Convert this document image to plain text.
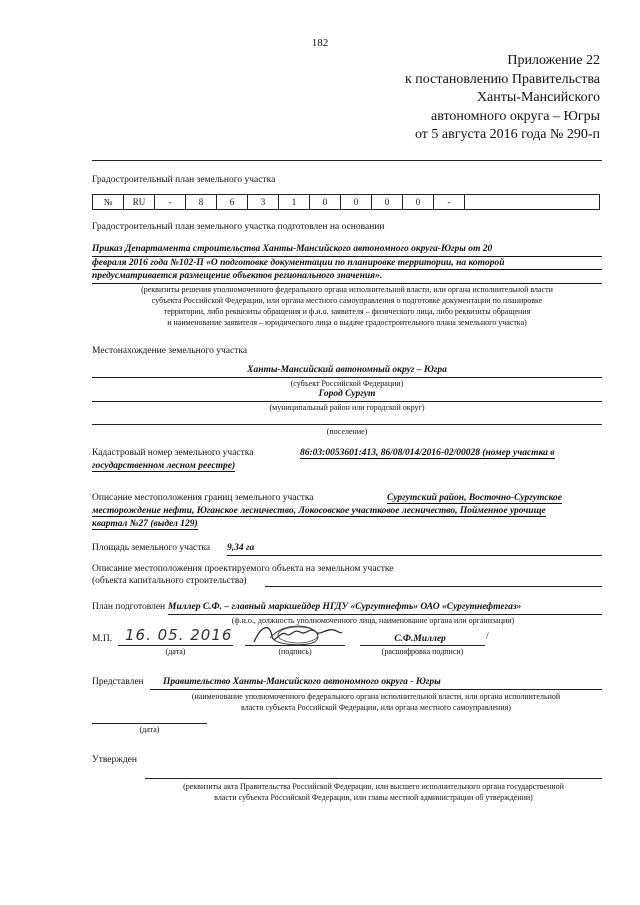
182
Приложение 22
к постановлению Правительства
Ханты-Мансийского
автономного округа – Югры
от 5 августа 2016 года № 290-п
Градостроительный план земельного участка
№	RU	-	8	6	3	1	0	0	0	0	-	
Градостроительный план земельного участка подготовлен на основании
Приказ Департамента строительства Ханты-Мансийского автономного округа-Югры от 20
февраля 2016 года №102-П «О подготовке документации по планировке территории, на которой
предусматривается размещение объектов регионального значения».
(реквизиты решения уполномоченного федерального органа исполнительной власти, или органа исполнительной власти
субъекта Российской Федерации, или органа местного самоуправления о подготовке документации по планировке
территории, либо реквизиты обращения и ф.и.о. заявителя – физического лица, либо реквизиты обращения
и наименование заявителя – юридического лица о выдаче градостроительного плана земельного участка)
Местонахождение земельного участка
Ханты-Мансийский автономный округ – Югра
(субъект Российской Федерации)
Город Сургут
(муниципальный район или городской округ)
(поселение)
Кадастровый номер земельного участка	86:03:0053601:413, 86/08/014/2016-02/00028 (номер участка в
государственном лесном реестре)
Описание местоположения границ земельного участка	Сургутский район, Восточно-Сургутское
месторождение нефти, Юганское лесничество, Локосовское участковое лесничество, Пойменное урочище
квартал №27 (выдел 129)
Площадь земельного участка 9,34 га
Описание местоположения проектируемого объекта на земельном участке
(объекта капитального строительства)
План подготовлен Миллер С.Ф. – главный маркшейдер НГДУ «Сургутнефть» ОАО «Сургутнефтегаз»
(ф.и.о., должность уполномоченного лица, наименование органа или организации)
М.П. 16. 05. 2016
(дата)	(подпись)
С.Ф.Миллер	/
(расшифровка подписи)
Представлен Правительство Ханты-Мансийского автономного округа - Югры
(наименование уполномоченного федерального органа исполнительной власти, или органа исполнительной
власти субъекта Российской Федерации, или органа местного самоуправления)
(дата)
Утвержден
(реквизиты акта Правительства Российской Федерации, или высшего исполнительного органа государственной
власти субъекта Российской Федерации, или главы местной администрации об утверждении)
